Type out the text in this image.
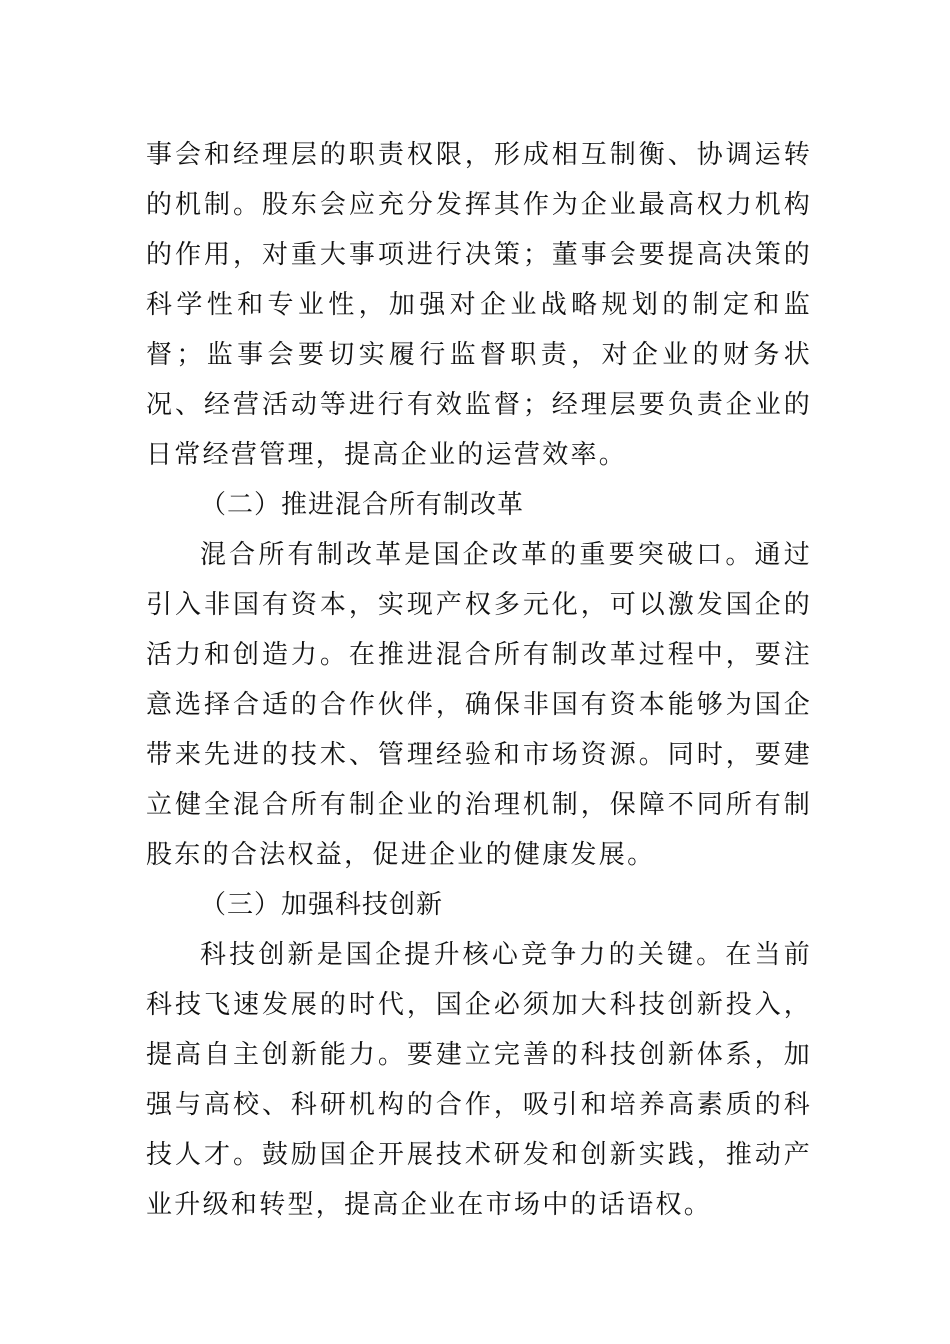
事会和经理层的职责权限，形成相互制衡、协调运转的机制。股东会应充分发挥其作为企业最高权力机构的作用，对重大事项进行决策；董事会要提高决策的科学性和专业性，加强对企业战略规划的制定和监督；监事会要切实履行监督职责，对企业的财务状况、经营活动等进行有效监督；经理层要负责企业的日常经营管理，提高企业的运营效率。

（二）推进混合所有制改革

混合所有制改革是国企改革的重要突破口。通过引入非国有资本，实现产权多元化，可以激发国企的活力和创造力。在推进混合所有制改革过程中，要注意选择合适的合作伙伴，确保非国有资本能够为国企带来先进的技术、管理经验和市场资源。同时，要建立健全混合所有制企业的治理机制，保障不同所有制股东的合法权益，促进企业的健康发展。

（三）加强科技创新

科技创新是国企提升核心竞争力的关键。在当前科技飞速发展的时代，国企必须加大科技创新投入，提高自主创新能力。要建立完善的科技创新体系，加强与高校、科研机构的合作，吸引和培养高素质的科技人才。鼓励国企开展技术研发和创新实践，推动产业升级和转型，提高企业在市场中的话语权。
